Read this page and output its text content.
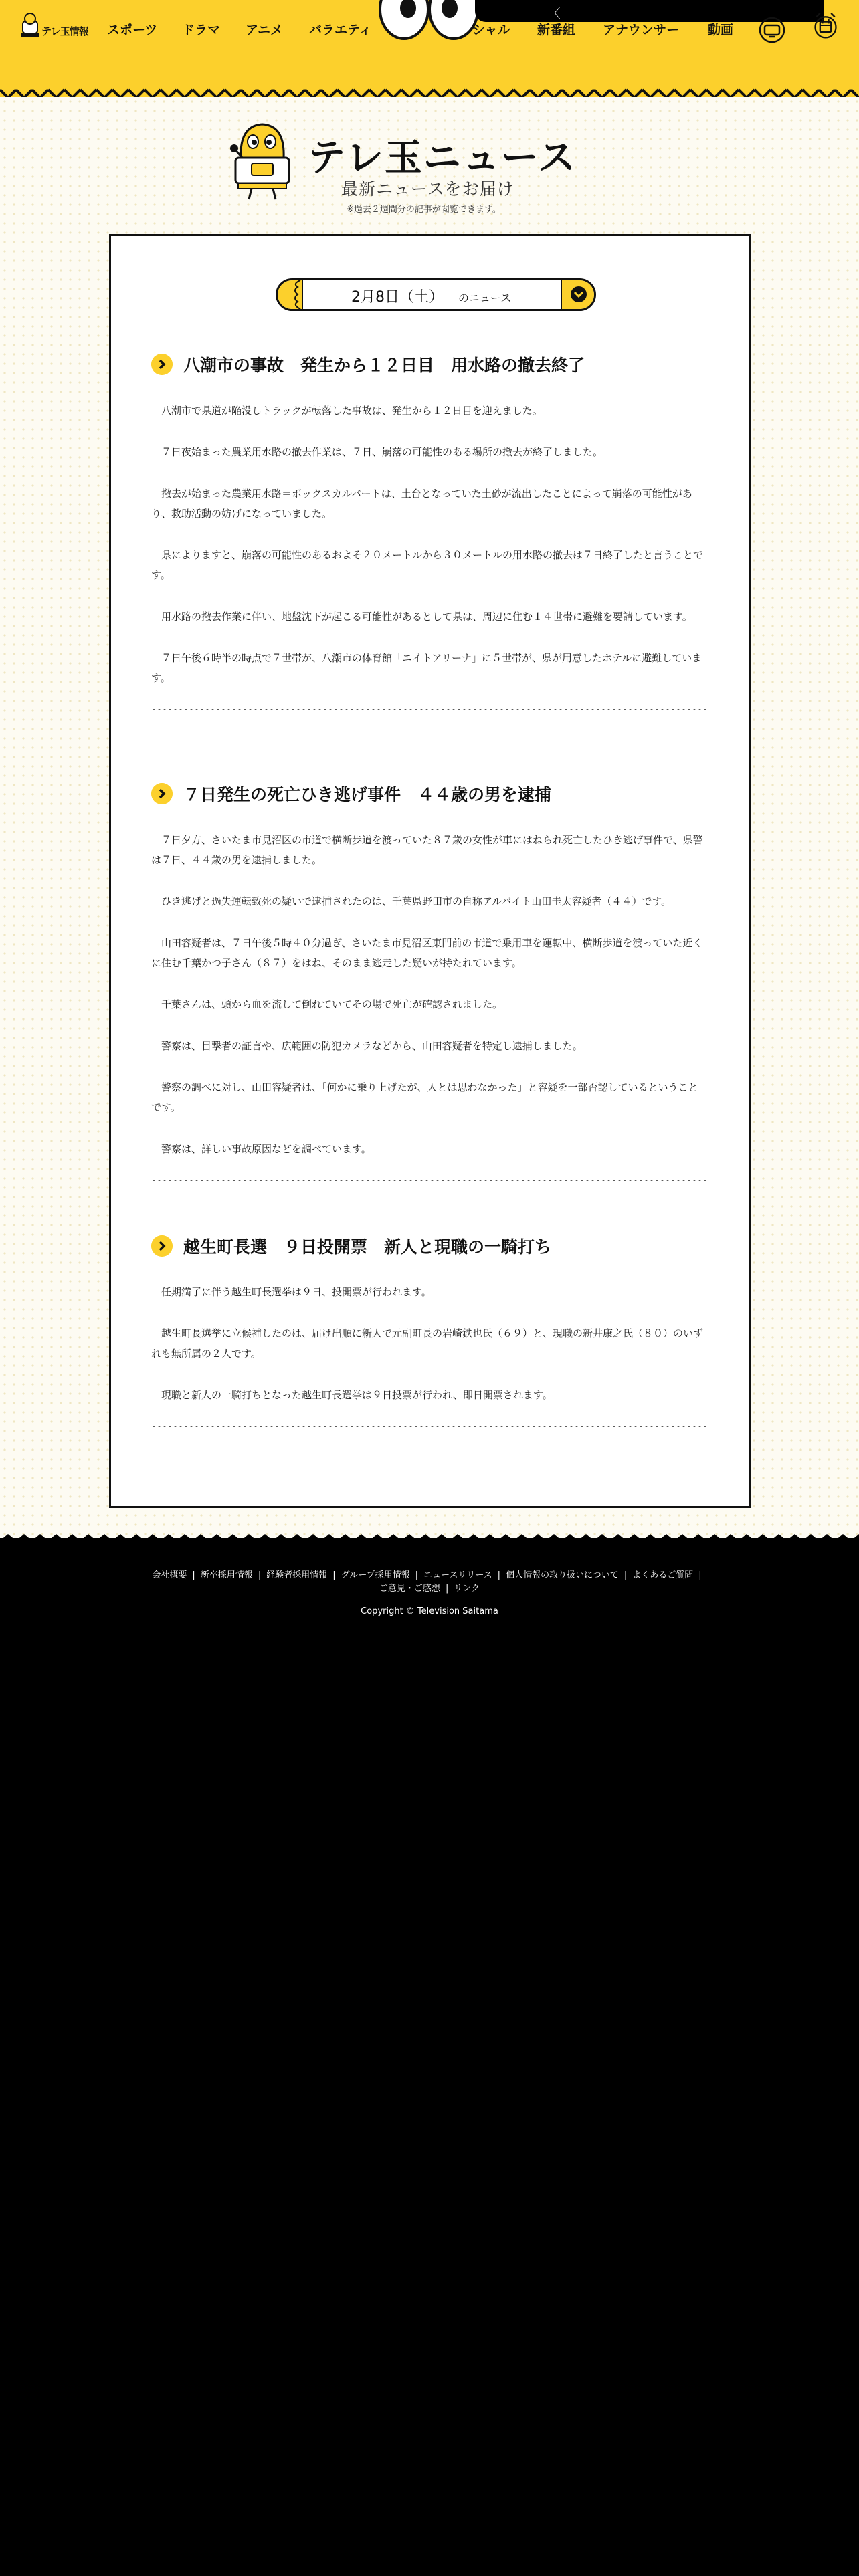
テレ玉情報 スポーツ ドラマ アニメ バラエティ
〈
シャル 新番組 アナウンサー 動画
テレ玉ニュース
最新ニュースをお届け
※過去２週間分の記事が閲覧できます。
2月8日（土） のニュース
八潮市の事故　発生から１２日目　用水路の撤去終了

八潮市で県道が陥没しトラックが転落した事故は、発生から１２日目を迎えました。

７日夜始まった農業用水路の撤去作業は、７日、崩落の可能性のある場所の撤去が終了しました。

撤去が始まった農業用水路＝ボックスカルバートは、土台となっていた土砂が流出したことによって崩落の可能性があり、救助活動の妨げになっていました。

県によりますと、崩落の可能性のあるおよそ２０メートルから３０メートルの用水路の撤去は７日終了したと言うことです。

用水路の撤去作業に伴い、地盤沈下が起こる可能性があるとして県は、周辺に住む１４世帯に避難を要請しています。

７日午後６時半の時点で７世帯が、八潮市の体育館「エイトアリーナ」に５世帯が、県が用意したホテルに避難しています。

７日発生の死亡ひき逃げ事件　４４歳の男を逮捕

７日夕方、さいたま市見沼区の市道で横断歩道を渡っていた８７歳の女性が車にはねられ死亡したひき逃げ事件で、県警は７日、４４歳の男を逮捕しました。

ひき逃げと過失運転致死の疑いで逮捕されたのは、千葉県野田市の自称アルバイト山田圭太容疑者（４４）です。

山田容疑者は、７日午後５時４０分過ぎ、さいたま市見沼区東門前の市道で乗用車を運転中、横断歩道を渡っていた近くに住む千葉かつ子さん（８７）をはね、そのまま逃走した疑いが持たれています。

千葉さんは、頭から血を流して倒れていてその場で死亡が確認されました。

警察は、目撃者の証言や、広範囲の防犯カメラなどから、山田容疑者を特定し逮捕しました。

警察の調べに対し、山田容疑者は、「何かに乗り上げたが、人とは思わなかった」と容疑を一部否認しているということです。

警察は、詳しい事故原因などを調べています。

越生町長選　９日投開票　新人と現職の一騎打ち

任期満了に伴う越生町長選挙は９日、投開票が行われます。

越生町長選挙に立候補したのは、届け出順に新人で元副町長の岩崎鉄也氏（６９）と、現職の新井康之氏（８０）のいずれも無所属の２人です。

現職と新人の一騎打ちとなった越生町長選挙は９日投票が行われ、即日開票されます。

会社概要 | 新卒採用情報 | 経験者採用情報 | グループ採用情報 | ニュースリリース | 個人情報の取り扱いについて | よくあるご質問 |
ご意見・ご感想 | リンク
Copyright © Television Saitama
